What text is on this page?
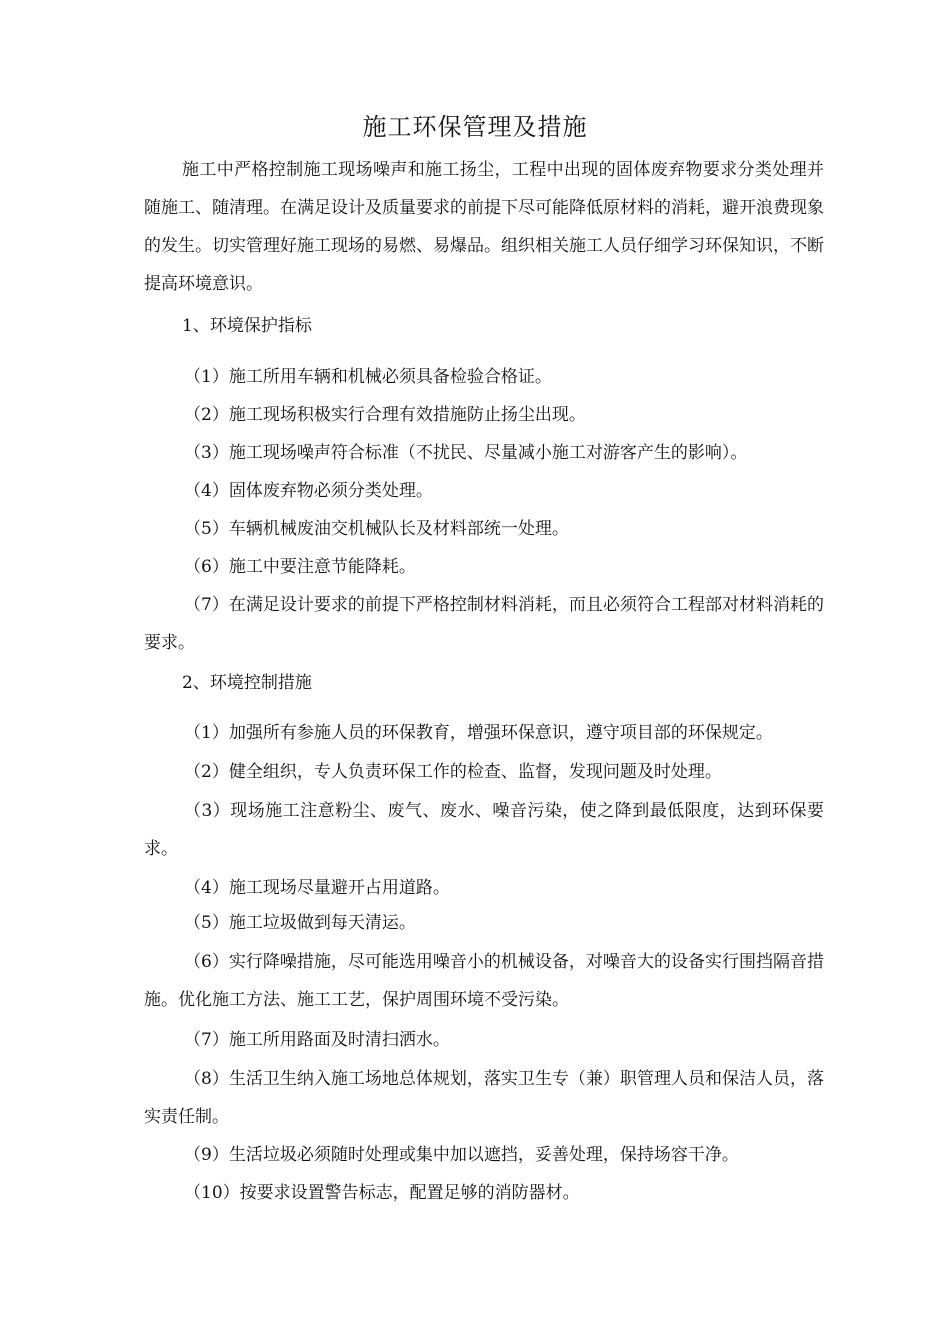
施工环保管理及措施

施工中严格控制施工现场噪声和施工扬尘，工程中出现的固体废弃物要求分类处理并随施工、随清理。在满足设计及质量要求的前提下尽可能降低原材料的消耗，避开浪费现象的发生。切实管理好施工现场的易燃、易爆品。组织相关施工人员仔细学习环保知识，不断提高环境意识。

1、环境保护指标

（1）施工所用车辆和机械必须具备检验合格证。

（2）施工现场积极实行合理有效措施防止扬尘出现。

（3）施工现场噪声符合标准（不扰民、尽量减小施工对游客产生的影响）。

（4）固体废弃物必须分类处理。

（5）车辆机械废油交机械队长及材料部统一处理。

（6）施工中要注意节能降耗。

（7）在满足设计要求的前提下严格控制材料消耗，而且必须符合工程部对材料消耗的要求。

2、环境控制措施

（1）加强所有参施人员的环保教育，增强环保意识，遵守项目部的环保规定。

（2）健全组织，专人负责环保工作的检查、监督，发现问题及时处理。

（3）现场施工注意粉尘、废气、废水、噪音污染，使之降到最低限度，达到环保要求。

（4）施工现场尽量避开占用道路。

（5）施工垃圾做到每天清运。

（6）实行降噪措施，尽可能选用噪音小的机械设备，对噪音大的设备实行围挡隔音措施。优化施工方法、施工工艺，保护周围环境不受污染。

（7）施工所用路面及时清扫洒水。

（8）生活卫生纳入施工场地总体规划，落实卫生专（兼）职管理人员和保洁人员，落实责任制。

（9）生活垃圾必须随时处理或集中加以遮挡，妥善处理，保持场容干净。

（10）按要求设置警告标志，配置足够的消防器材。
